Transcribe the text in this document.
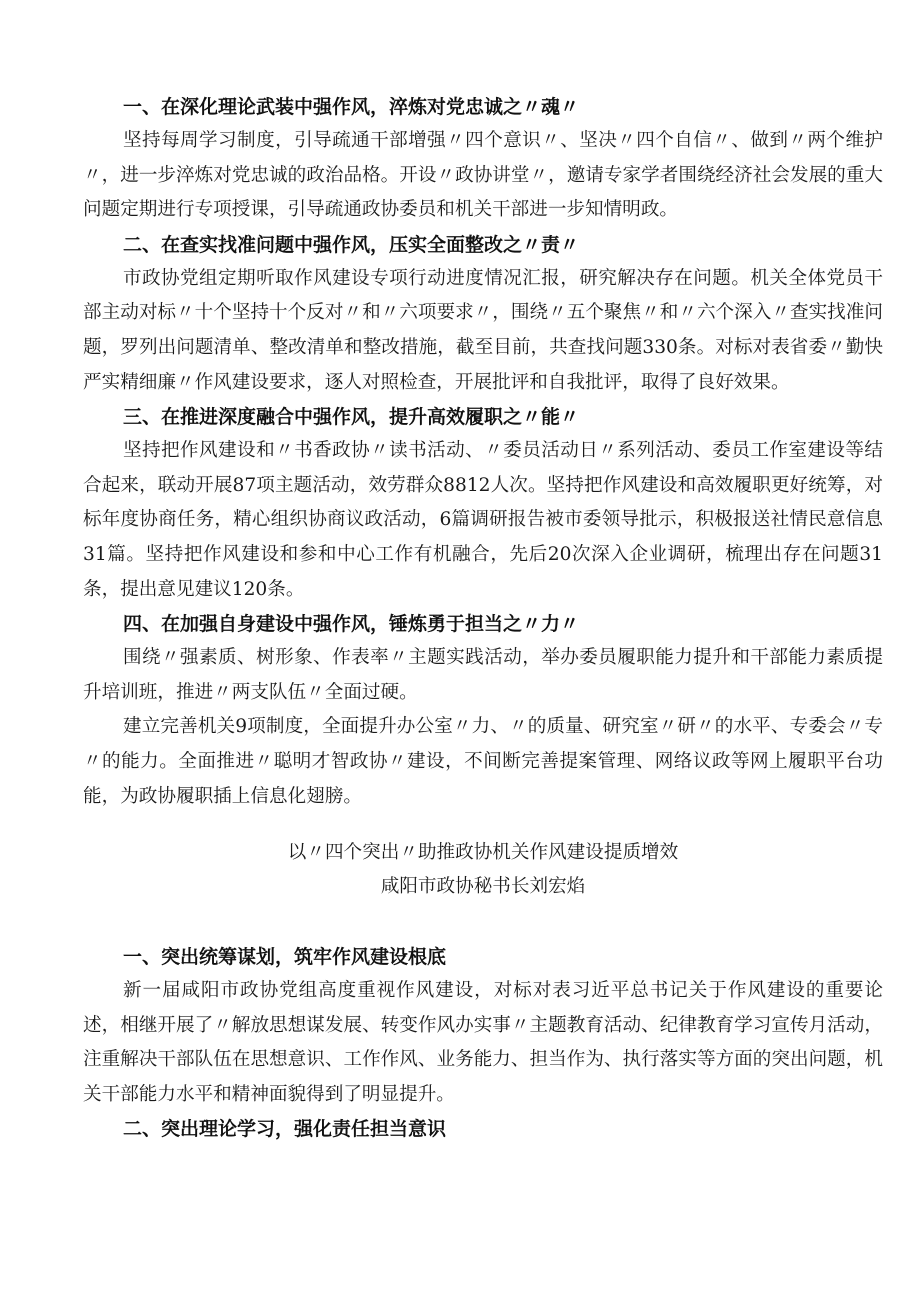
一、在深化理论武装中强作风，淬炼对党忠诚之〃魂〃

坚持每周学习制度，引导疏通干部增强〃四个意识〃、坚决〃四个自信〃、做到〃两个维护〃，进一步淬炼对党忠诚的政治品格。开设〃政协讲堂〃，邀请专家学者围绕经济社会发展的重大问题定期进行专项授课，引导疏通政协委员和机关干部进一步知情明政。

二、在查实找准问题中强作风，压实全面整改之〃责〃

市政协党组定期听取作风建设专项行动进度情况汇报，研究解决存在问题。机关全体党员干部主动对标〃十个坚持十个反对〃和〃六项要求〃，围绕〃五个聚焦〃和〃六个深入〃查实找准问题，罗列出问题清单、整改清单和整改措施，截至目前，共查找问题330条。对标对表省委〃勤快严实精细廉〃作风建设要求，逐人对照检查，开展批评和自我批评，取得了良好效果。

三、在推进深度融合中强作风，提升高效履职之〃能〃

坚持把作风建设和〃书香政协〃读书活动、〃委员活动日〃系列活动、委员工作室建设等结合起来，联动开展87项主题活动，效劳群众8812人次。坚持把作风建设和高效履职更好统筹，对标年度协商任务，精心组织协商议政活动，6篇调研报告被市委领导批示，积极报送社情民意信息31篇。坚持把作风建设和参和中心工作有机融合，先后20次深入企业调研，梳理出存在问题31条，提出意见建议120条。

四、在加强自身建设中强作风，锤炼勇于担当之〃力〃

围绕〃强素质、树形象、作表率〃主题实践活动，举办委员履职能力提升和干部能力素质提升培训班，推进〃两支队伍〃全面过硬。

建立完善机关9项制度，全面提升办公室〃力、〃的质量、研究室〃研〃的水平、专委会〃专〃的能力。全面推进〃聪明才智政协〃建设，不间断完善提案管理、网络议政等网上履职平台功能，为政协履职插上信息化翅膀。

以〃四个突出〃助推政协机关作风建设提质增效

咸阳市政协秘书长刘宏焰

一、突出统筹谋划，筑牢作风建设根底

新一届咸阳市政协党组高度重视作风建设，对标对表习近平总书记关于作风建设的重要论述，相继开展了〃解放思想谋发展、转变作风办实事〃主题教育活动、纪律教育学习宣传月活动，注重解决干部队伍在思想意识、工作作风、业务能力、担当作为、执行落实等方面的突出问题，机关干部能力水平和精神面貌得到了明显提升。

二、突出理论学习，强化责任担当意识
